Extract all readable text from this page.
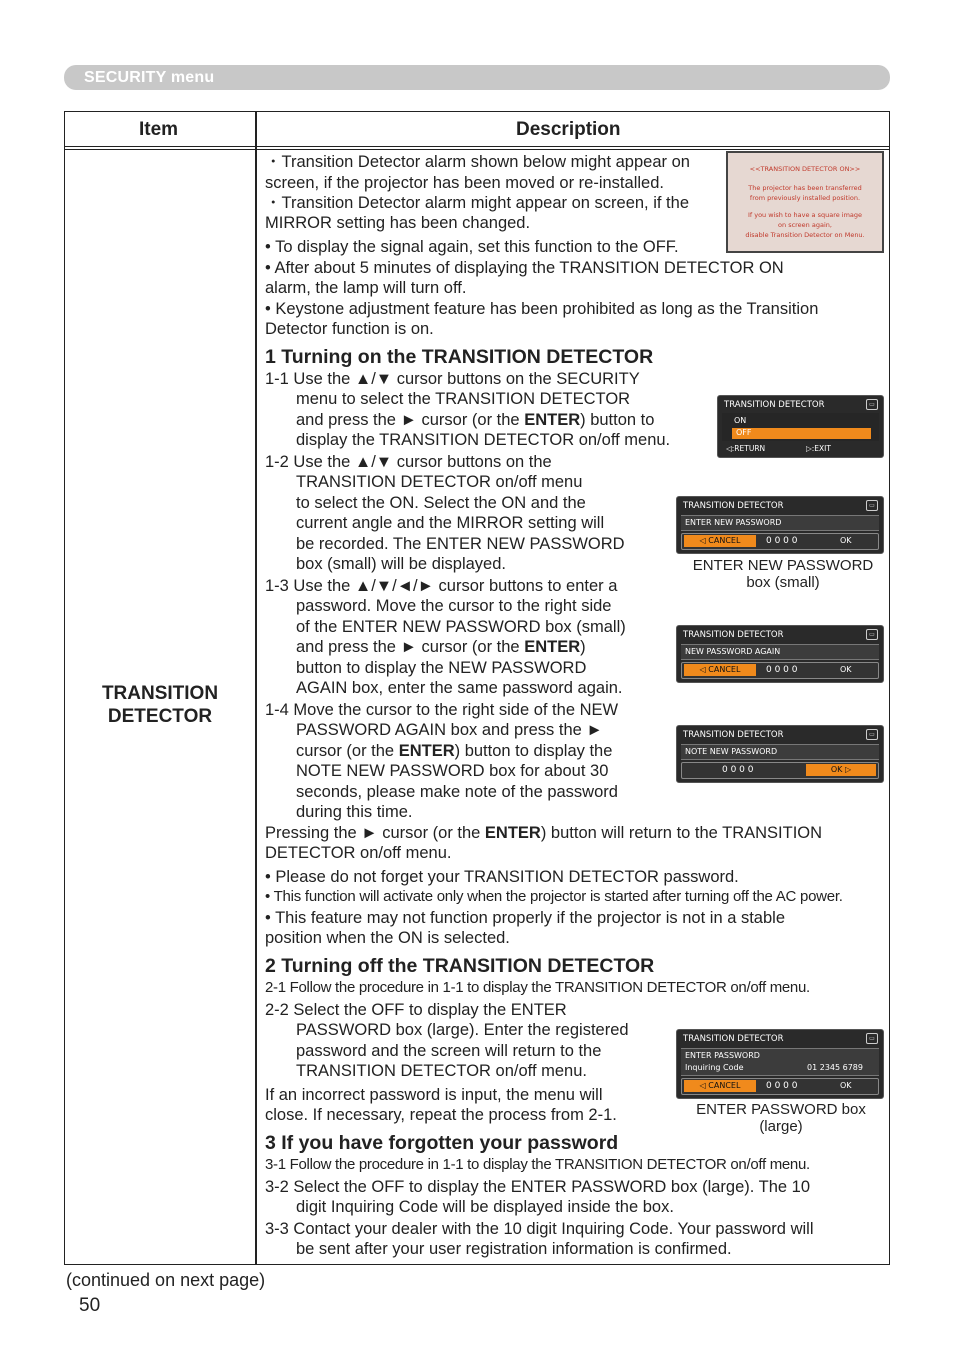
SECURITY menu
Item	Description
TRANSITION
DETECTOR
・Transition Detector alarm shown below might appear on
screen, if the projector has been moved or re-installed.
・Transition Detector alarm might appear on screen, if the
MIRROR setting has been changed.
• To display the signal again, set this function to the OFF.
• After about 5 minutes of displaying the TRANSITION DETECTOR ON
alarm, the lamp will turn off.
• Keystone adjustment feature has been prohibited as long as the Transition
Detector function is on.
<<TRANSITION DETECTOR ON>>
The projector has been transferred
from previously installed position.
If you wish to have a square image
on screen again,
disable Transition Detector on Menu.
1 Turning on the TRANSITION DETECTOR
1-1 Use the ▲/▼ cursor buttons on the SECURITY
menu to select the TRANSITION DETECTOR
and press the ► cursor (or the ENTER) button to
display the TRANSITION DETECTOR on/off menu.
1-2 Use the ▲/▼ cursor buttons on the
TRANSITION DETECTOR on/off menu
to select the ON. Select the ON and the
current angle and the MIRROR setting will
be recorded. The ENTER NEW PASSWORD
box (small) will be displayed.
1-3 Use the ▲/▼/◄/► cursor buttons to enter a
password. Move the cursor to the right side
of the ENTER NEW PASSWORD box (small)
and press the ► cursor (or the ENTER)
button to display the NEW PASSWORD
AGAIN box, enter the same password again.
1-4 Move the cursor to the right side of the NEW
PASSWORD AGAIN box and press the ►
cursor (or the ENTER) button to display the
NOTE NEW PASSWORD box for about 30
seconds, please make note of the password
during this time.
Pressing the ► cursor (or the ENTER) button will return to the TRANSITION
DETECTOR on/off menu.
• Please do not forget your TRANSITION DETECTOR password.
• This function will activate only when the projector is started after turning off the AC power.
• This feature may not function properly if the projector is not in a stable
position when the ON is selected.
2 Turning off the TRANSITION DETECTOR
2-1 Follow the procedure in 1-1 to display the TRANSITION DETECTOR on/off menu.
2-2 Select the OFF to display the ENTER
PASSWORD box (large). Enter the registered
password and the screen will return to the
TRANSITION DETECTOR on/off menu.
If an incorrect password is input, the menu will
close. If necessary, repeat the process from 2-1.
3 If you have forgotten your password
3-1 Follow the procedure in 1-1 to display the TRANSITION DETECTOR on/off menu.
3-2 Select the OFF to display the ENTER PASSWORD box (large). The 10
digit Inquiring Code will be displayed inside the box.
3-3 Contact your dealer with the 10 digit Inquiring Code. Your password will
be sent after your user registration information is confirmed.
TRANSITION DETECTOR	▭
ON
OFF
◁:RETURN	▷:EXIT
TRANSITION DETECTOR	▭
ENTER NEW PASSWORD
◁ CANCEL	0 0 0 0	OK
ENTER NEW PASSWORD
box (small)
TRANSITION DETECTOR	▭
NEW PASSWORD AGAIN
◁ CANCEL	0 0 0 0	OK
TRANSITION DETECTOR	▭
NOTE NEW PASSWORD
0 0 0 0	OK ▷
TRANSITION DETECTOR	▭
ENTER PASSWORD
Inquiring Code	01 2345 6789
◁ CANCEL	0 0 0 0	OK
ENTER PASSWORD box
(large)
(continued on next page)
50
